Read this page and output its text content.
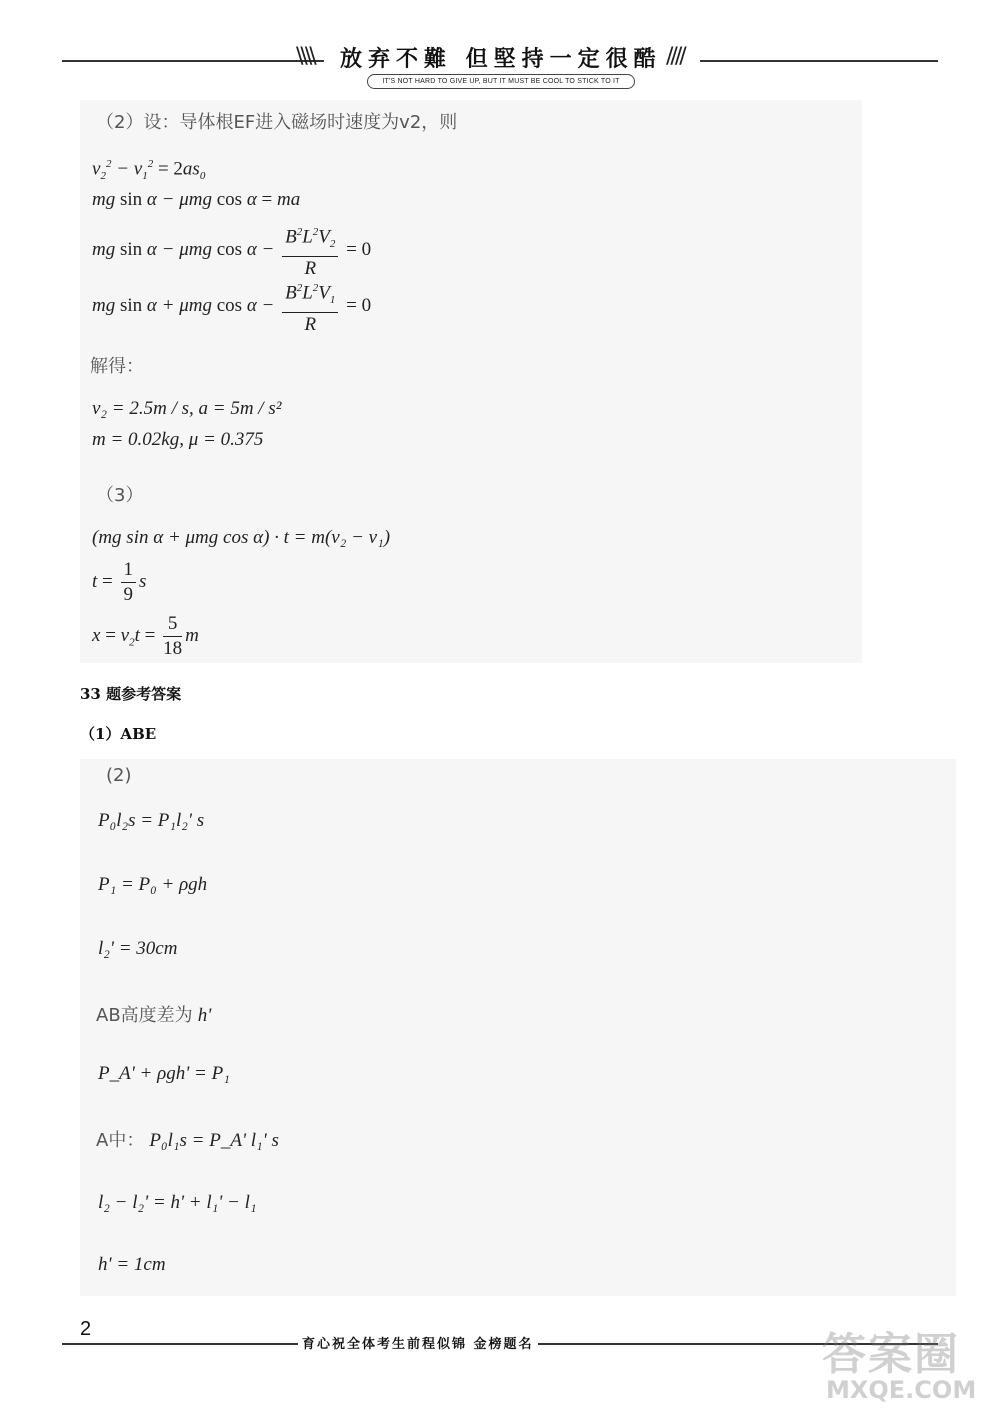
\\\\ 放弃不難 但堅持一定很酷 ////
IT'S NOT HARD TO GIVE UP, BUT IT MUST BE COOL TO STICK TO IT
（2）设：导体根EF进入磁场时速度为v2，则
$v_2^2 - v_1^2 = 2as_0$
mg sin α − μmg cos α = ma
mg sin α − μmg $\cos \alpha - \frac{B^2L^2V_2}{R} = 0$
mg sin α + μmg $\cos \alpha - \frac{B^2L^2V_1}{R} = 0$
解得：
v₂ = 2.5m / s, a = 5m / s²
m = 0.02kg, μ = 0.375
（3）
(mg sin α + μmg cos α) · t = m(v₂ − v₁)
$t = \frac{1}{9}$ s
$x = v_2t = \frac{5}{18}$ m
33 题参考答案
（1）ABE
(2)
P₀l₂s = P₁l₂' s
P₁ = P₀ + ρgh
l₂' = 30cm
AB高度差为 h'
P_A' + ρgh' = P₁
A中： P₀l₁s = P_A' l₁' s
l₂ − l₂' = h' + l₁' − l₁
h' = 1cm
2
育心祝全体考生前程似锦 金榜题名	答案圈
MXQE.COM
